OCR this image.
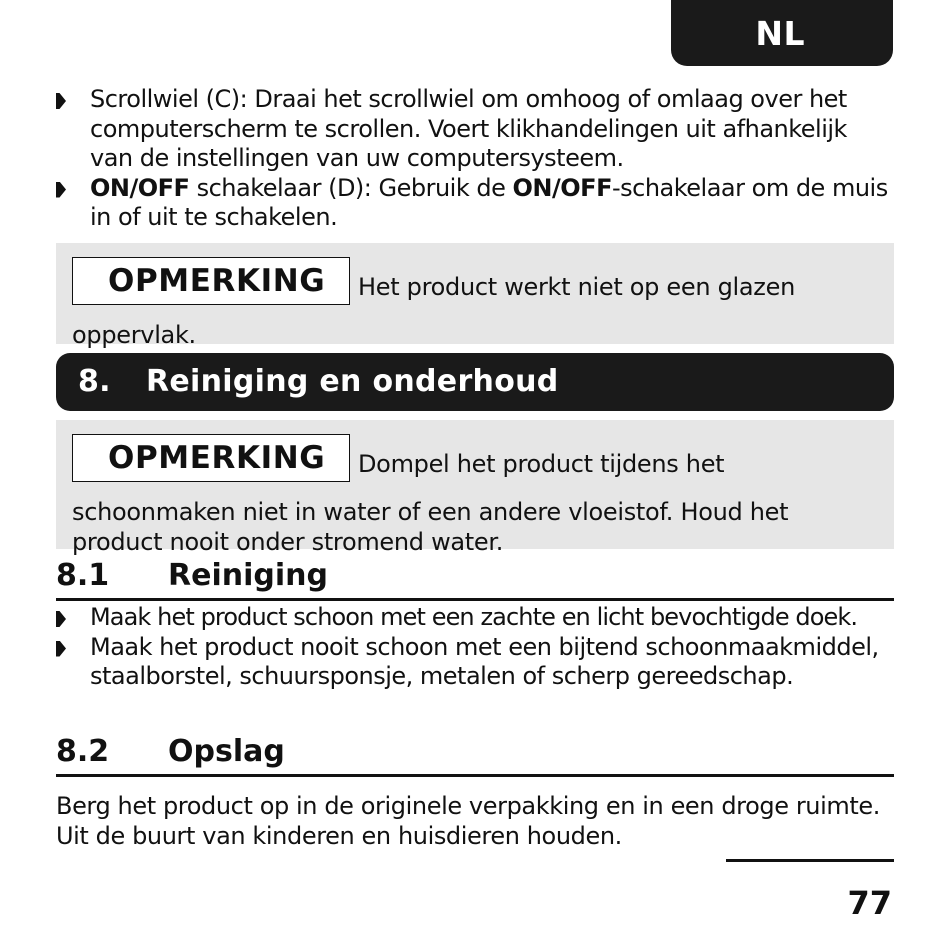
NL
Scrollwiel (C): Draai het scrollwiel om omhoog of omlaag over het computerscherm te scrollen. Voert klikhandelingen uit afhankelijk van de instellingen van uw computersysteem.
ON/OFF schakelaar (D): Gebruik de ON/OFF-schakelaar om de muis in of uit te schakelen.
OPMERKING Het product werkt niet op een glazen oppervlak.
8. Reiniging en onderhoud
OPMERKING Dompel het product tijdens het schoonmaken niet in water of een andere vloeistof. Houd het product nooit onder stromend water.
8.1 Reiniging
Maak het product schoon met een zachte en licht bevochtigde doek.
Maak het product nooit schoon met een bijtend schoonmaakmiddel, staalborstel, schuursponsje, metalen of scherp gereedschap.
8.2 Opslag

Berg het product op in de originele verpakking en in een droge ruimte. Uit de buurt van kinderen en huisdieren houden.

77
